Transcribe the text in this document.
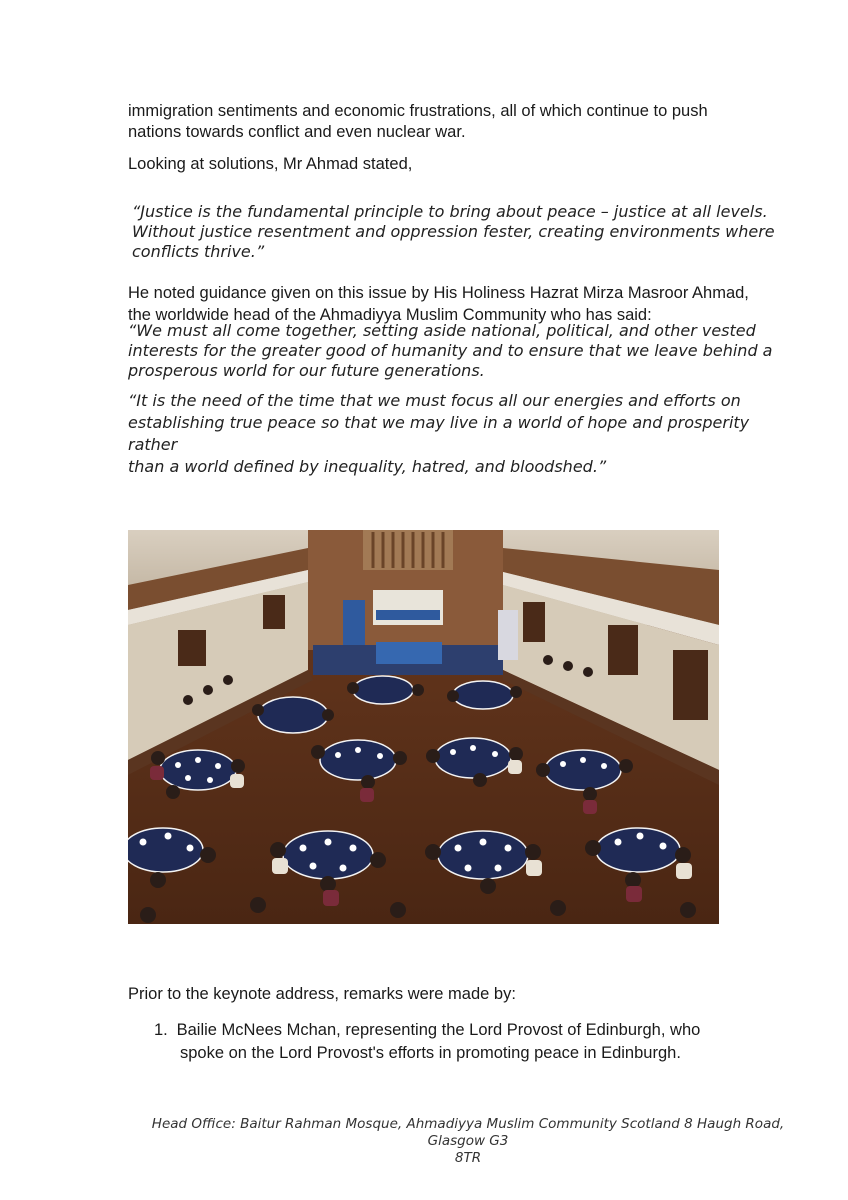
immigration sentiments and economic frustrations, all of which continue to push
nations towards conflict and even nuclear war.

Looking at solutions, Mr Ahmad stated,

“Justice is the fundamental principle to bring about peace – justice at all levels.
Without justice resentment and oppression fester, creating environments where
conflicts thrive.”

He noted guidance given on this issue by His Holiness Hazrat Mirza Masroor Ahmad,
the worldwide head of the Ahmadiyya Muslim Community who has said:

“We must all come together, setting aside national, political, and other vested
interests for the greater good of humanity and to ensure that we leave behind a
prosperous world for our future generations.

“It is the need of the time that we must focus all our energies and efforts on
establishing true peace so that we may live in a world of hope and prosperity rather
than a world defined by inequality, hatred, and bloodshed.”

Prior to the keynote address, remarks were made by:

1. Bailie McNees Mchan, representing the Lord Provost of Edinburgh, who
spoke on the Lord Provost's efforts in promoting peace in Edinburgh.
Head Office: Baitur Rahman Mosque, Ahmadiyya Muslim Community Scotland 8 Haugh Road, Glasgow G3
8TR
